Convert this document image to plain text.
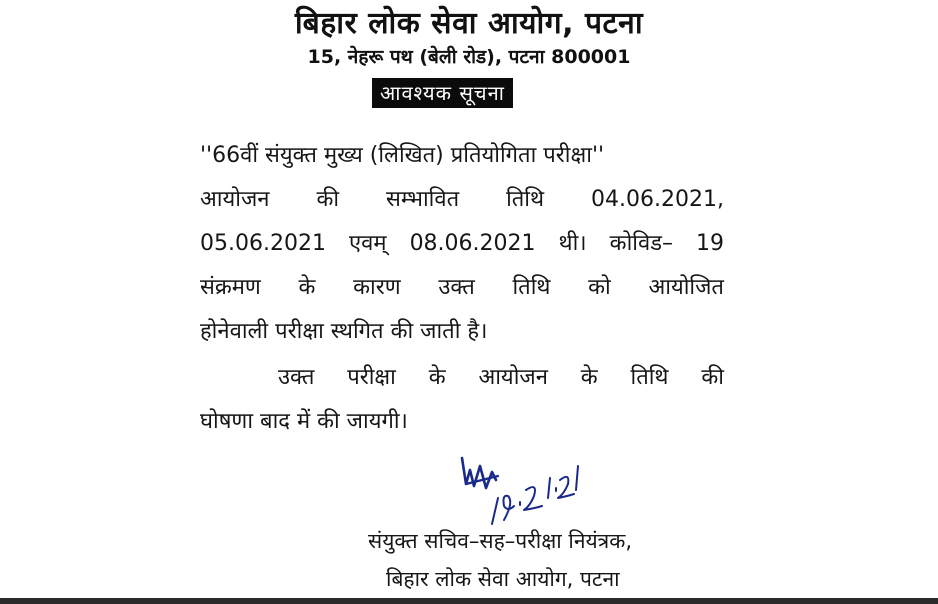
बिहार लोक सेवा आयोग, पटना
15, नेहरू पथ (बेली रोड), पटना 800001
आवश्यक सूचना
''66वीं संयुक्त मुख्य (लिखित) प्रतियोगिता परीक्षा''
आयोजन की सम्भावित तिथि 04.06.2021,
05.06.2021 एवम् 08.06.2021 थी। कोविड– 19
संक्रमण के कारण उक्त तिथि को आयोजित
होनेवाली परीक्षा स्थगित की जाती है।
उक्त परीक्षा के आयोजन के तिथि की
घोषणा बाद में की जायगी।
संयुक्त सचिव–सह–परीक्षा नियंत्रक,
बिहार लोक सेवा आयोग, पटना
